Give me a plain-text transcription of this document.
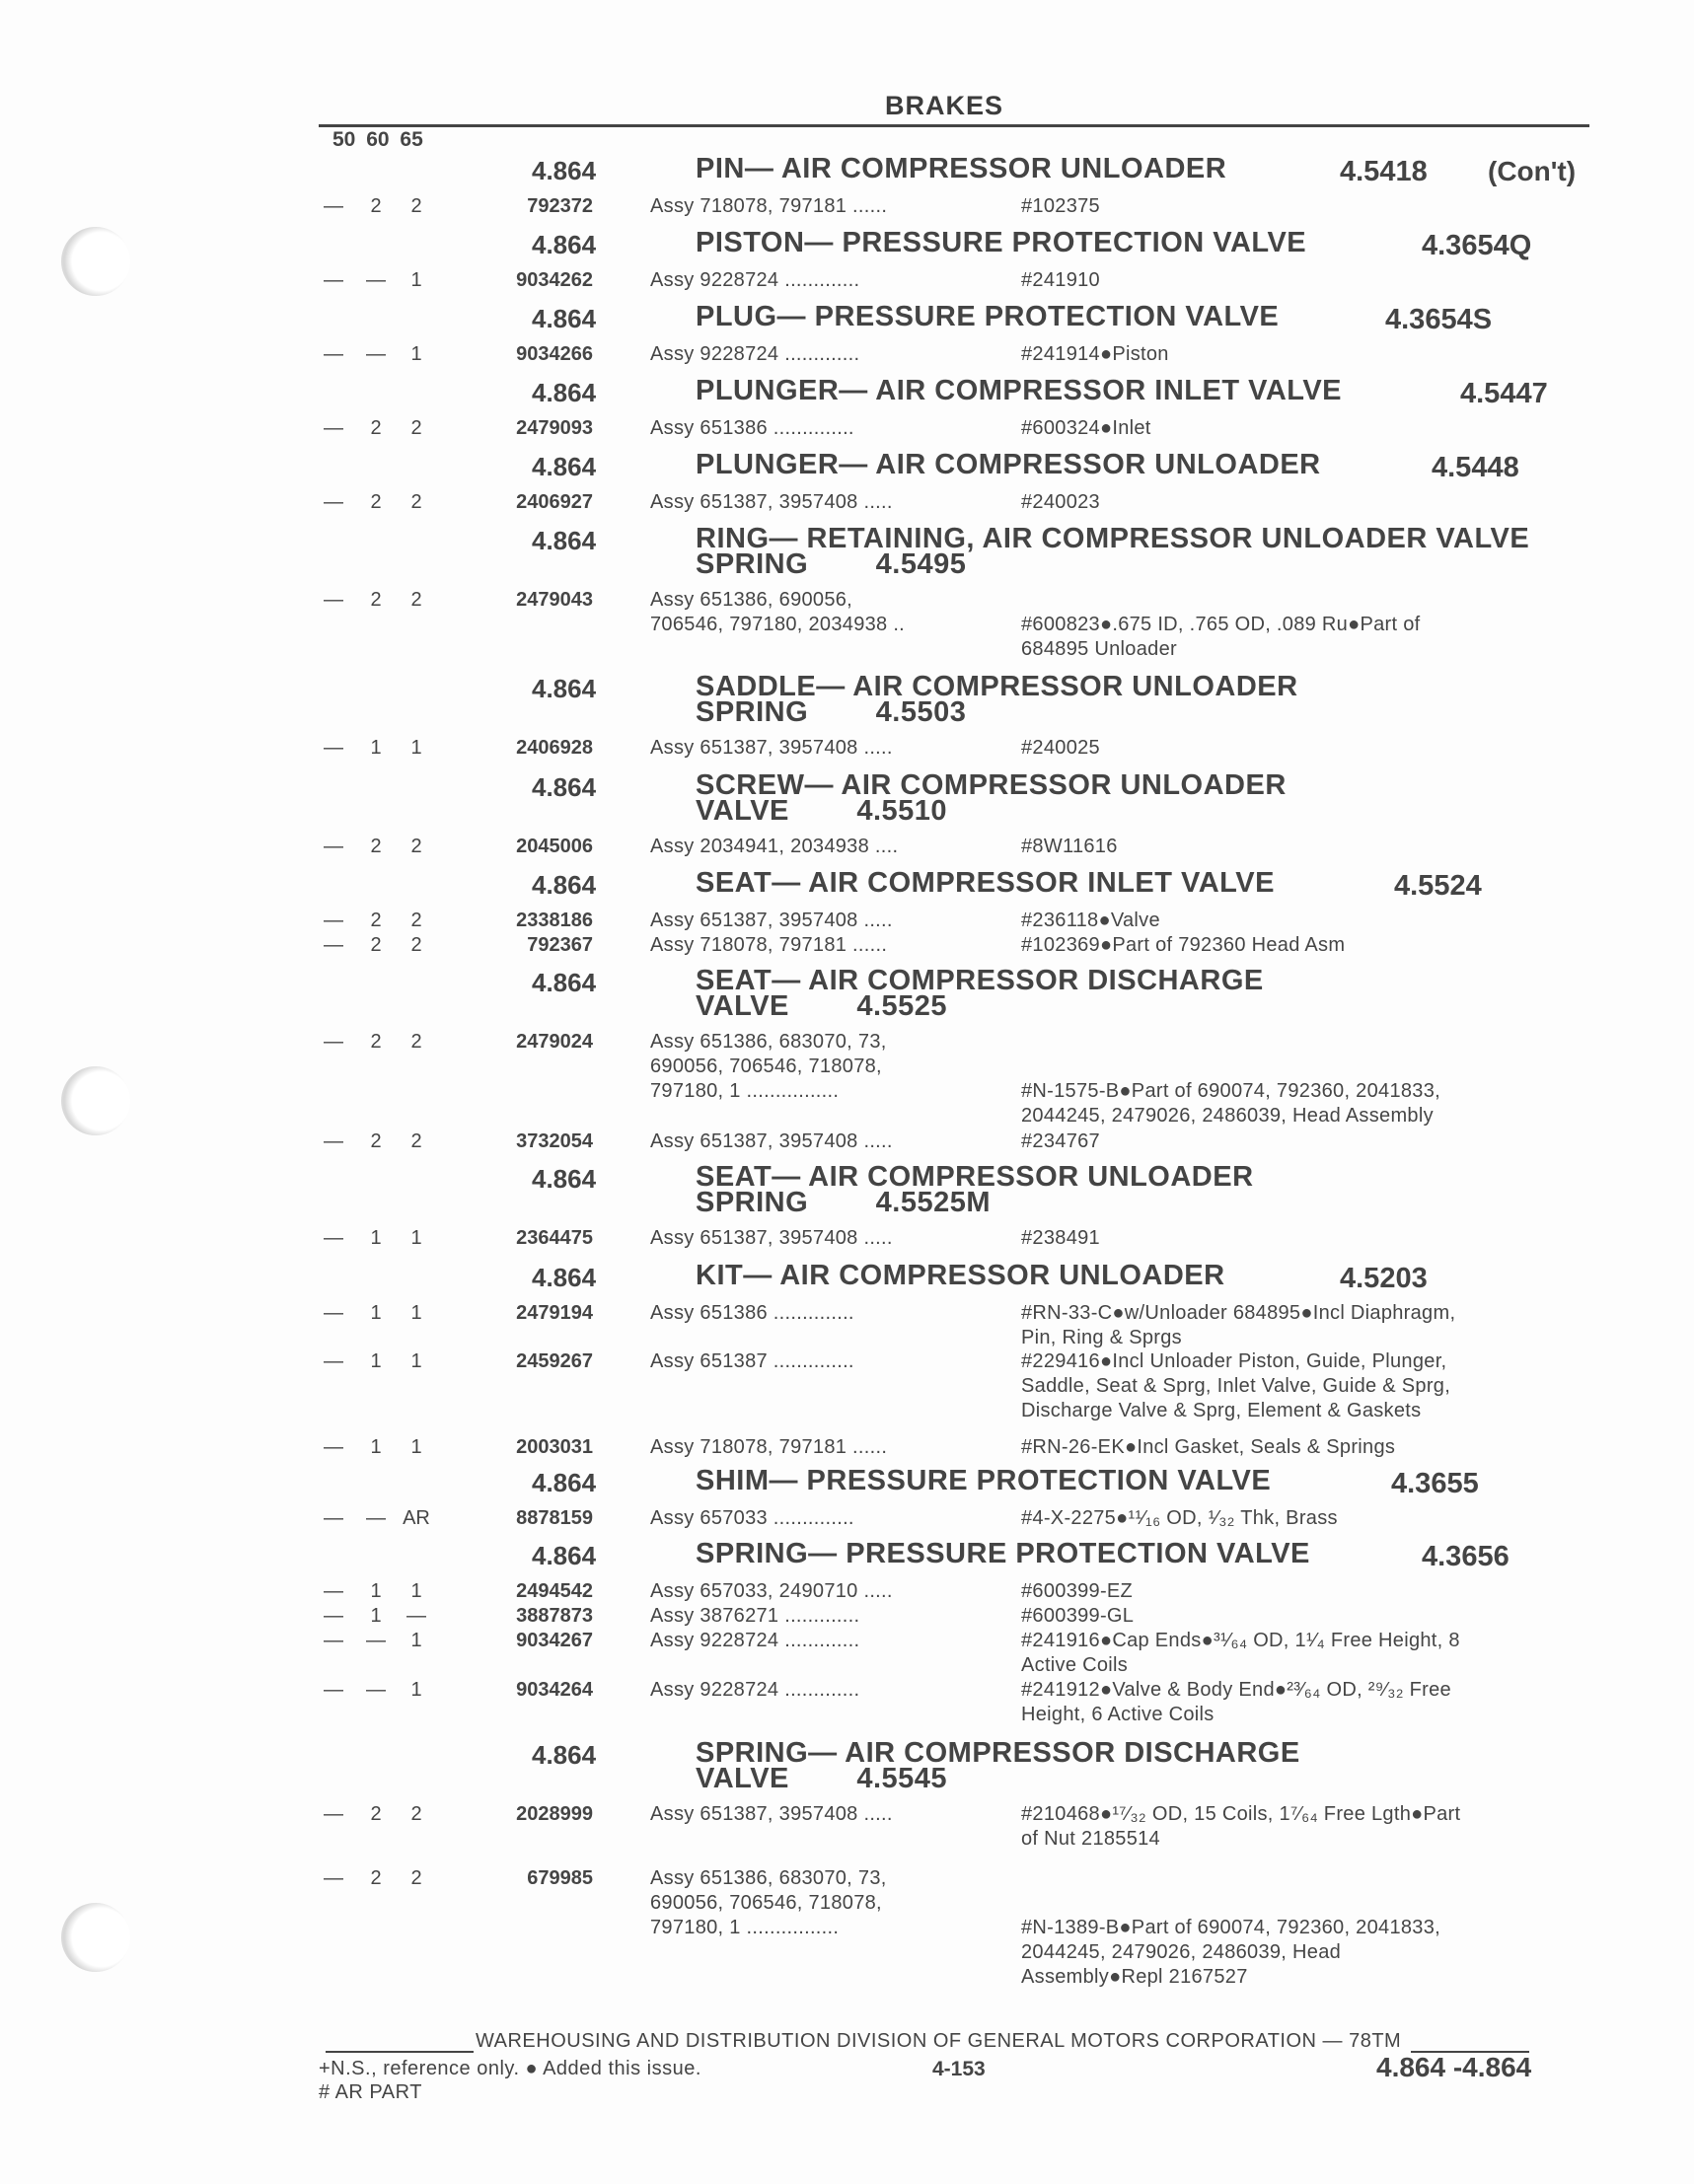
BRAKES
50 60 65
4.864	PIN— AIR COMPRESSOR UNLOADER	4.5418 (Con't)
—	2	2	792372	Assy 718078, 797181 ......	#102375
4.864	PISTON— PRESSURE PROTECTION VALVE	4.3654Q
— —	1	9034262	Assy 9228724 .............	#241910
4.864	PLUG— PRESSURE PROTECTION VALVE	4.3654S
— —	1	9034266	Assy 9228724 .............	#241914●Piston
4.864	PLUNGER— AIR COMPRESSOR INLET VALVE	4.5447
—	2	2	2479093	Assy 651386 ..............	#600324●Inlet
4.864	PLUNGER— AIR COMPRESSOR UNLOADER	4.5448
—	2	2	2406927	Assy 651387, 3957408 .....	#240023
4.864	RING— RETAINING, AIR COMPRESSOR UNLOADER VALVE
SPRING 4.5495
—	2	2	2479043	Assy 651386, 690056,
706546, 797180, 2034938 ..	
#600823●.675 ID, .765 OD, .089 Ru●Part of
684895 Unloader
4.864	SADDLE— AIR COMPRESSOR UNLOADER
SPRING 4.5503
—	1	1	2406928	Assy 651387, 3957408 .....	#240025
4.864	SCREW— AIR COMPRESSOR UNLOADER
VALVE 4.5510
—	2	2	2045006	Assy 2034941, 2034938 ....	#8W11616
4.864	SEAT— AIR COMPRESSOR INLET VALVE	4.5524
—	2	2	2338186	Assy 651387, 3957408 .....	#236118●Valve
—	2	2	792367	Assy 718078, 797181 ......	#102369●Part of 792360 Head Asm
4.864	SEAT— AIR COMPRESSOR DISCHARGE
VALVE 4.5525
—	2	2	2479024	Assy 651386, 683070, 73,
690056, 706546, 718078,
797180, 1 ................	

#N-1575-B●Part of 690074, 792360, 2041833,
2044245, 2479026, 2486039, Head Assembly
—	2	2	3732054	Assy 651387, 3957408 .....	#234767
4.864	SEAT— AIR COMPRESSOR UNLOADER
SPRING 4.5525M
—	1	1	2364475	Assy 651387, 3957408 .....	#238491
4.864	KIT— AIR COMPRESSOR UNLOADER	4.5203
—	1	1	2479194	Assy 651386 ..............	#RN-33-C●w/Unloader 684895●Incl Diaphragm,
Pin, Ring & Sprgs
—	1	1	2459267	Assy 651387 ..............	#229416●Incl Unloader Piston, Guide, Plunger,
Saddle, Seat & Sprg, Inlet Valve, Guide & Sprg,
Discharge Valve & Sprg, Element & Gaskets
—	1	1	2003031	Assy 718078, 797181 ......	#RN-26-EK●Incl Gasket, Seals & Springs
4.864	SHIM— PRESSURE PROTECTION VALVE	4.3655
— — AR	8878159	Assy 657033 ..............	#4-X-2275●¹¹⁄₁₆ OD, ¹⁄₃₂ Thk, Brass
4.864	SPRING— PRESSURE PROTECTION VALVE	4.3656
—	1	1	2494542	Assy 657033, 2490710 .....	#600399-EZ
—	1	—	3887873	Assy 3876271 .............	#600399-GL
— —	1	9034267	Assy 9228724 .............	#241916●Cap Ends●³¹⁄₆₄ OD, 1¹⁄₄ Free Height, 8
Active Coils
— —	1	9034264	Assy 9228724 .............	#241912●Valve & Body End●²³⁄₆₄ OD, ²⁹⁄₃₂ Free
Height, 6 Active Coils
4.864	SPRING— AIR COMPRESSOR DISCHARGE
VALVE 4.5545
—	2	2	2028999	Assy 651387, 3957408 .....	#210468●¹⁷⁄₃₂ OD, 15 Coils, 1⁷⁄₆₄ Free Lgth●Part
of Nut 2185514
—	2	2	679985	Assy 651386, 683070, 73,
690056, 706546, 718078,
797180, 1 ................	

#N-1389-B●Part of 690074, 792360, 2041833,
2044245, 2479026, 2486039, Head
Assembly●Repl 2167527
WAREHOUSING AND DISTRIBUTION DIVISION OF GENERAL MOTORS CORPORATION — 78TM
+N.S., reference only. ● Added this issue.
# AR PART
4-153	4.864 -4.864
